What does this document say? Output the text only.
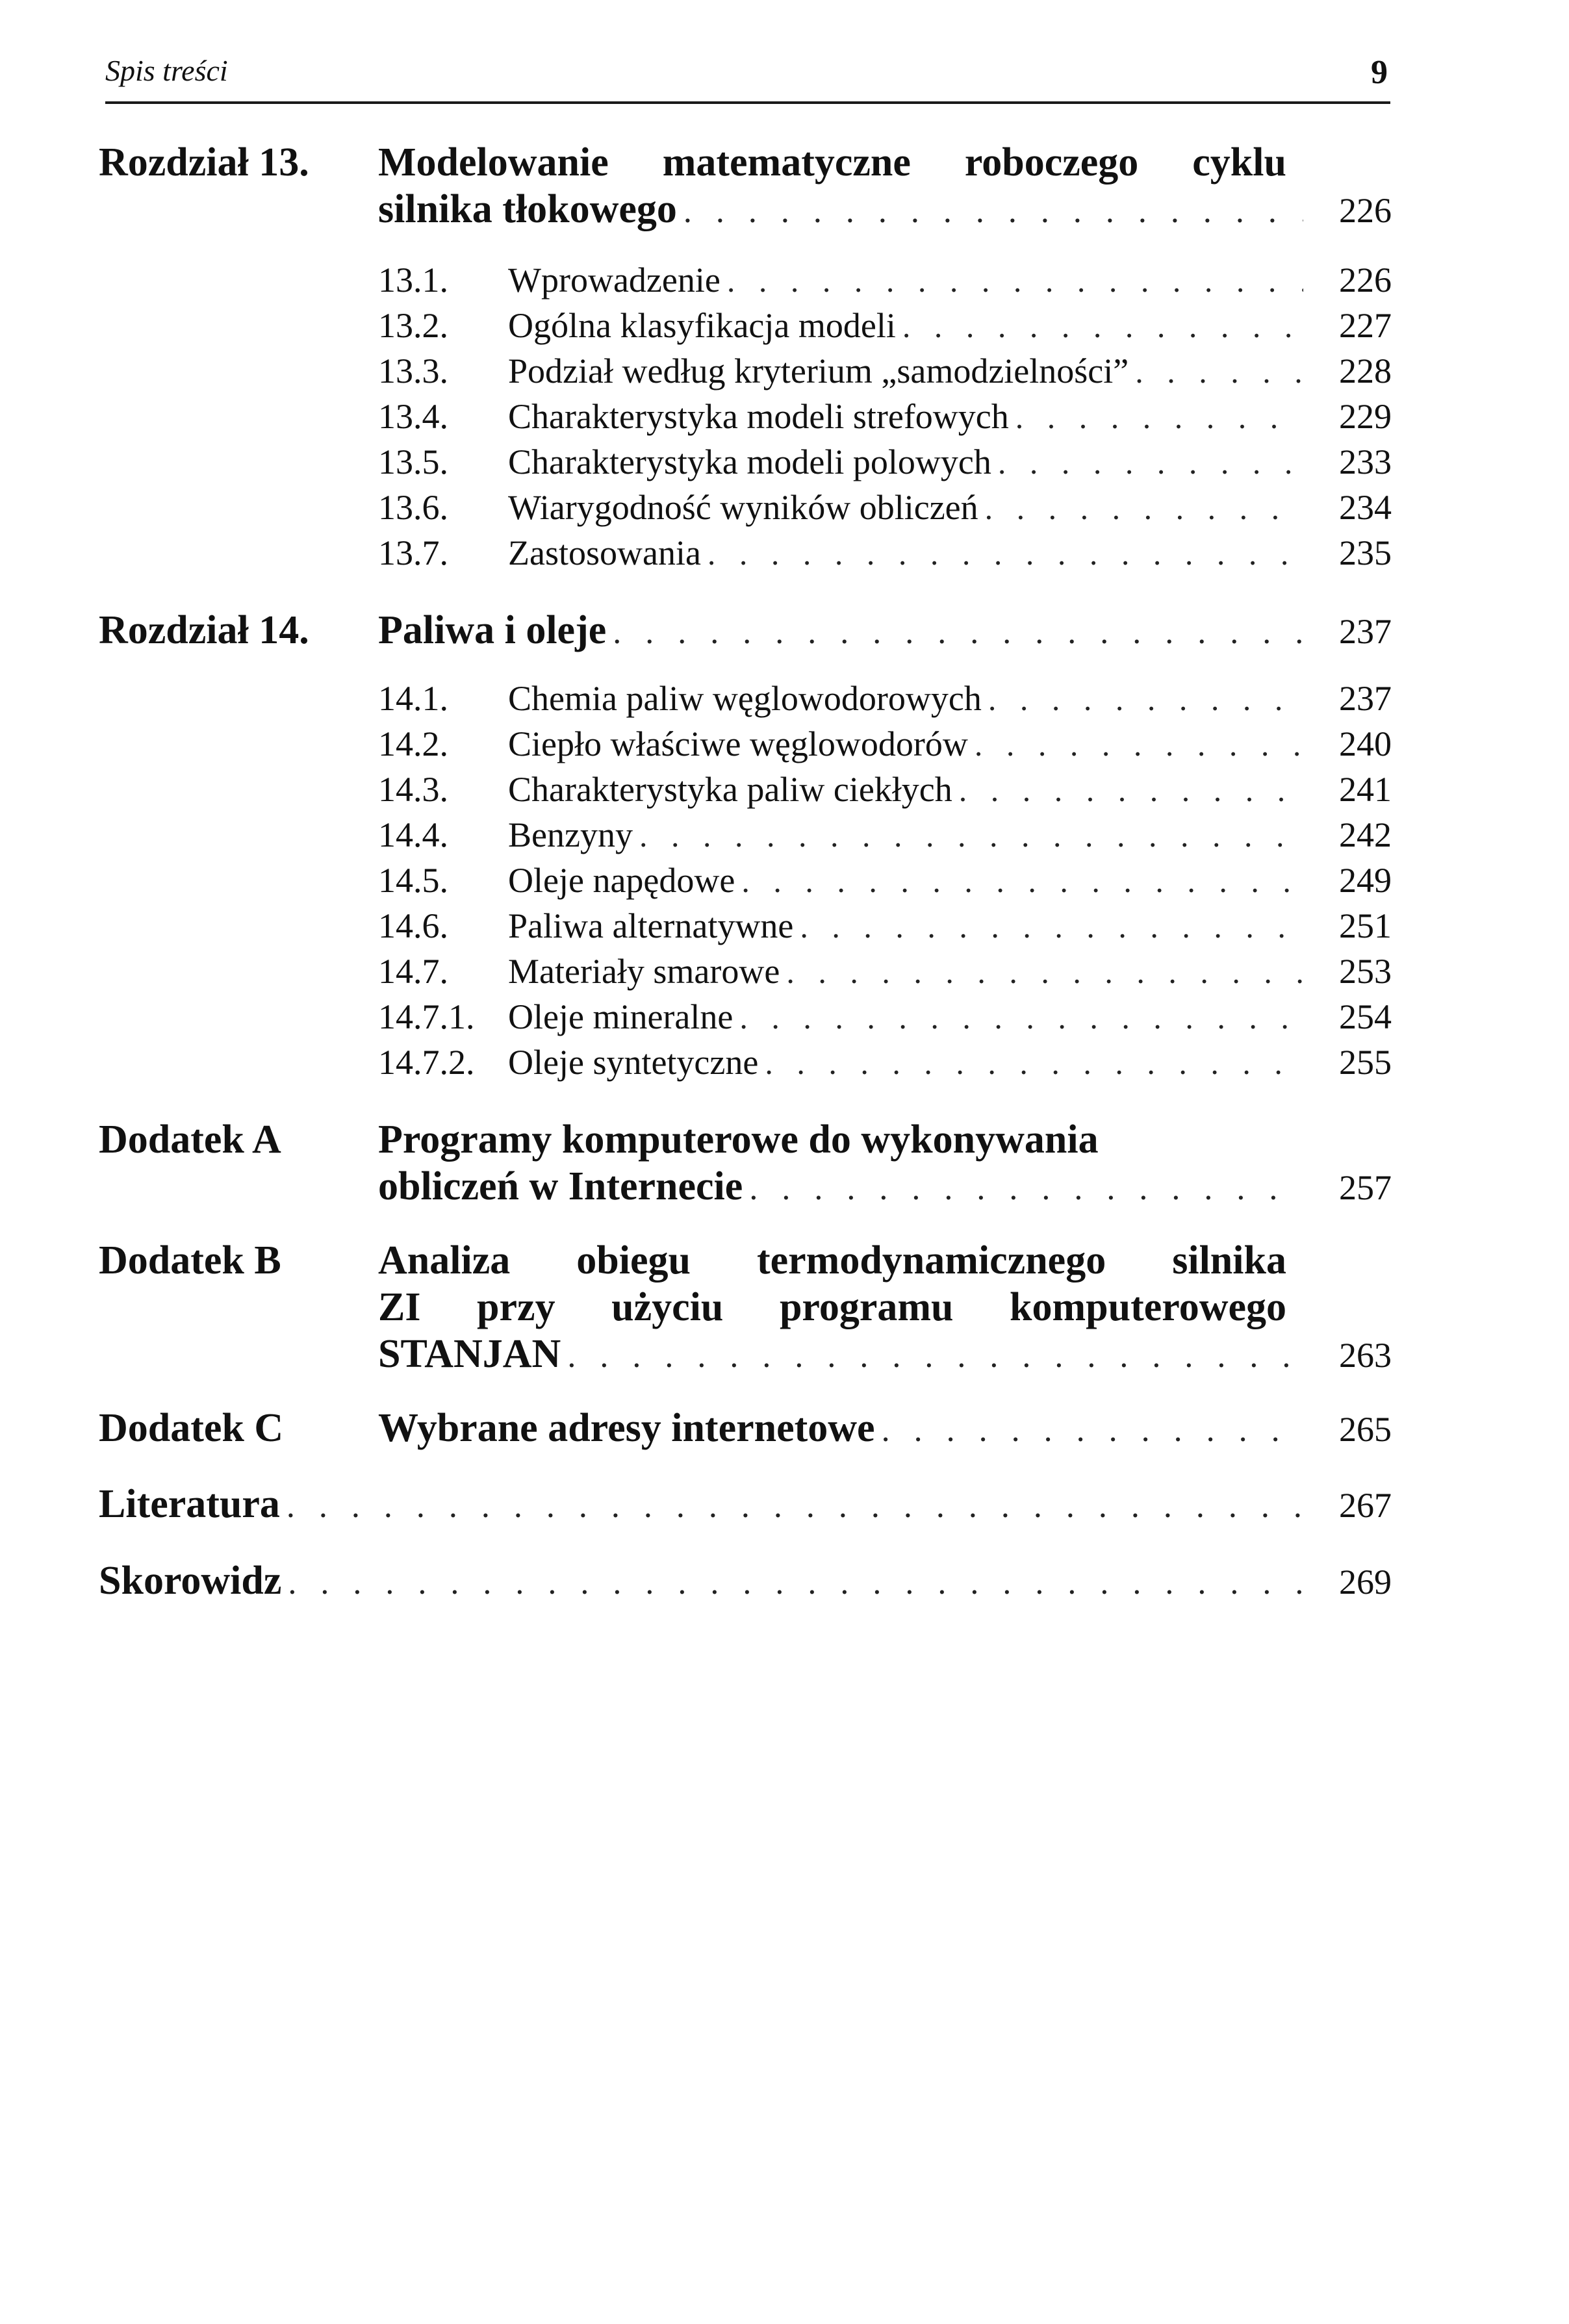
Spis treści	9
Rozdział 13. Modelowanie matematyczne roboczego cyklu
silnika tłokowego . . .	226
13.1.	Wprowadzenie . . .	226
13.2.	Ogólna klasyfikacja modeli . . .	227
13.3.	Podział według kryterium „samodzielności” . . .	228
13.4.	Charakterystyka modeli strefowych . . .	229
13.5.	Charakterystyka modeli polowych . . .	233
13.6.	Wiarygodność wyników obliczeń . . .	234
13.7.	Zastosowania . . .	235
Rozdział 14. Paliwa i oleje . . .	237
14.1.	Chemia paliw węglowodorowych . . .	237
14.2.	Ciepło właściwe węglowodorów . . .	240
14.3.	Charakterystyka paliw ciekłych . . .	241
14.4.	Benzyny . . .	242
14.5.	Oleje napędowe . . .	249
14.6.	Paliwa alternatywne . . .	251
14.7.	Materiały smarowe . . .	253
14.7.1. Oleje mineralne . . .	254
14.7.2. Oleje syntetyczne . . .	255
Dodatek A Programy komputerowe do wykonywania
obliczeń w Internecie . . .	257
Dodatek B Analiza obiegu termodynamicznego silnika
ZI przy użyciu programu komputerowego
STANJAN . . .	263
Dodatek C Wybrane adresy internetowe . . .	265
Literatura . . .	267
Skorowidz . . .	269
